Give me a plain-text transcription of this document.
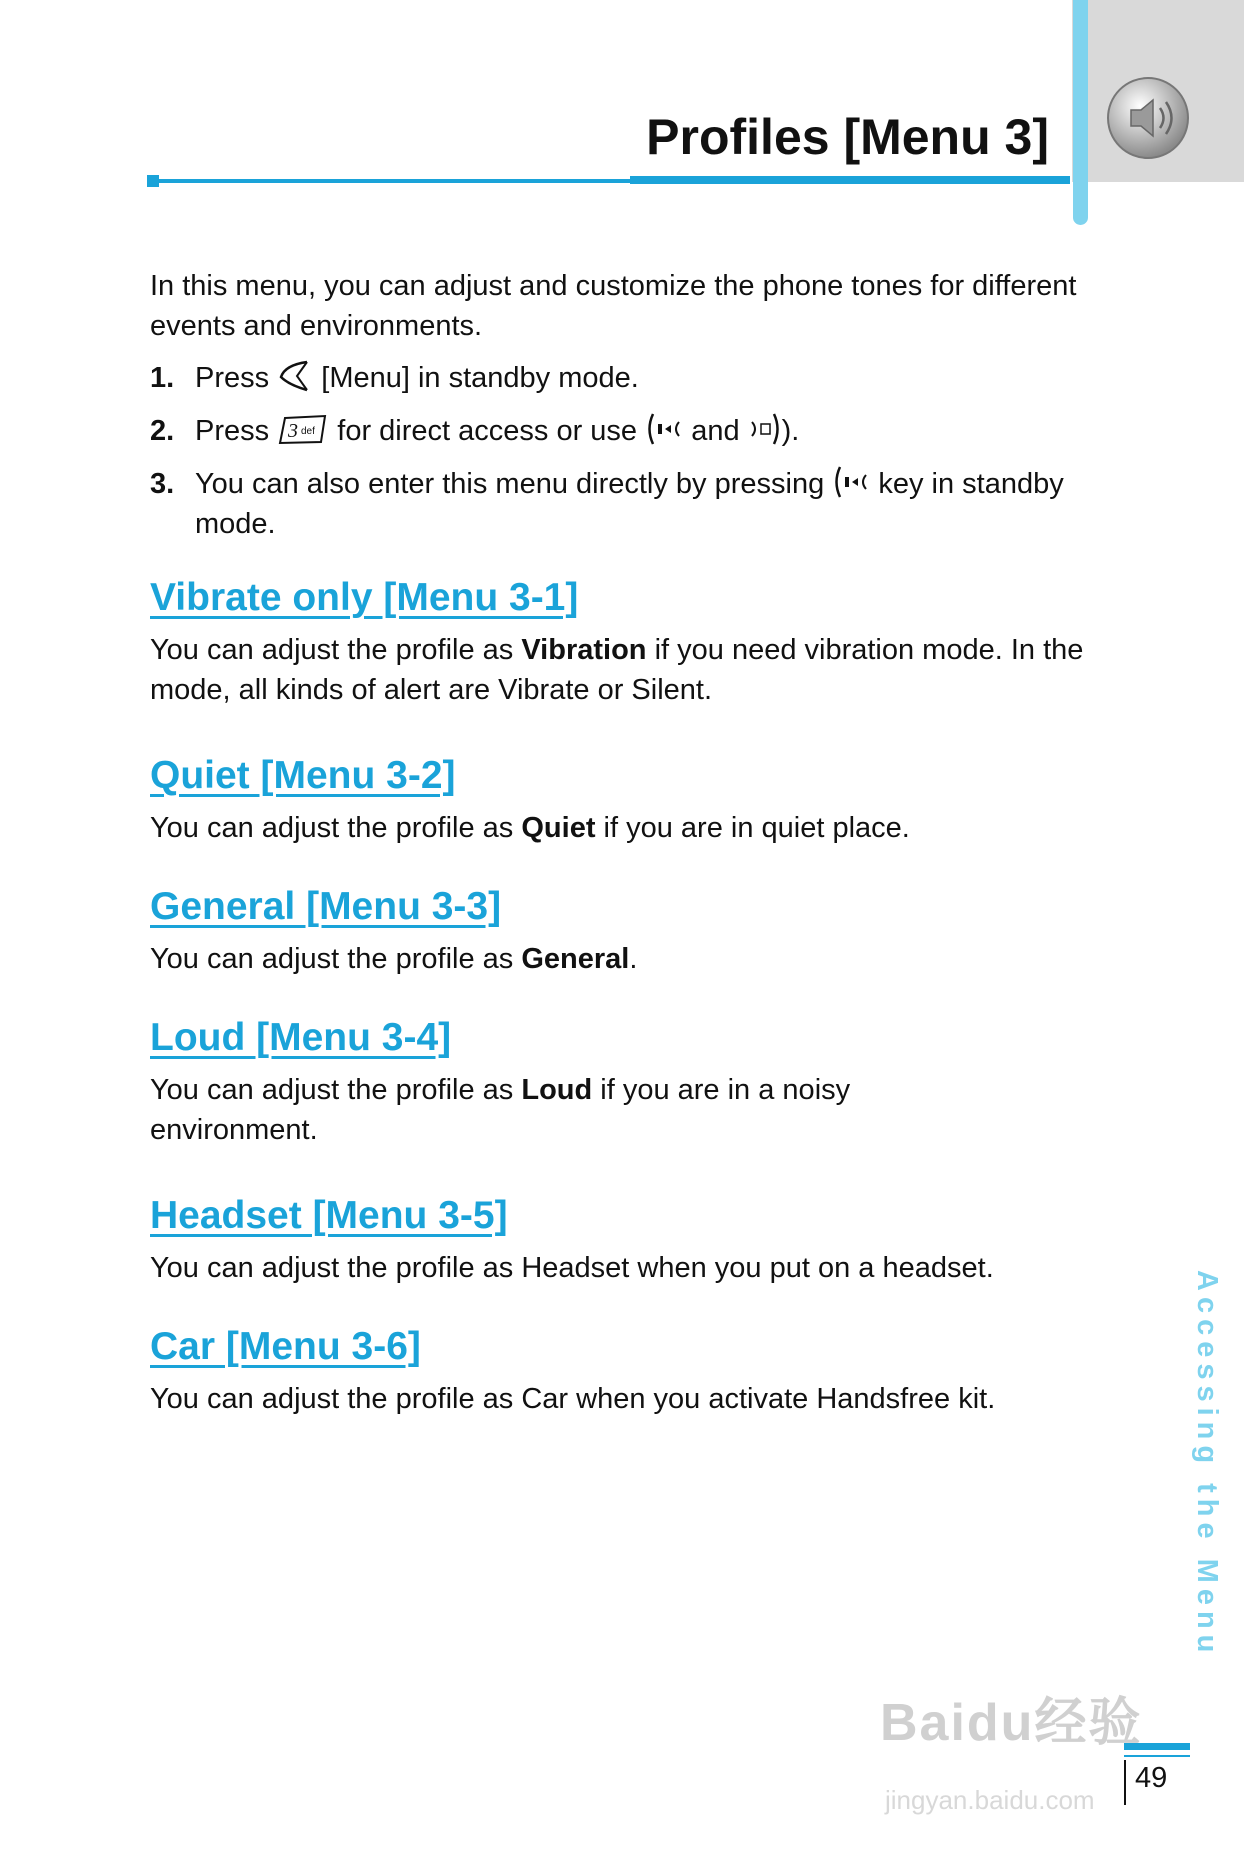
Profiles [Menu 3]

In this menu, you can adjust and customize the phone tones for different events and environments.

1. Press [Menu] in standby mode.
2. Press 3 def for direct access or use and ).
3. You can also enter this menu directly by pressing key in standby mode.
Vibrate only [Menu 3-1]

You can adjust the profile as Vibration if you need vibration mode. In the mode, all kinds of alert are Vibrate or Silent.

Quiet [Menu 3-2]

You can adjust the profile as Quiet if you are in quiet place.

General [Menu 3-3]

You can adjust the profile as General.

Loud [Menu 3-4]

You can adjust the profile as Loud if you are in a noisy environment.

Headset [Menu 3-5]

You can adjust the profile as Headset when you put on a headset.

Car [Menu 3-6]

You can adjust the profile as Car when you activate Handsfree kit.	Accessing the Menu
49
Baidu经验
jingyan.baidu.com
